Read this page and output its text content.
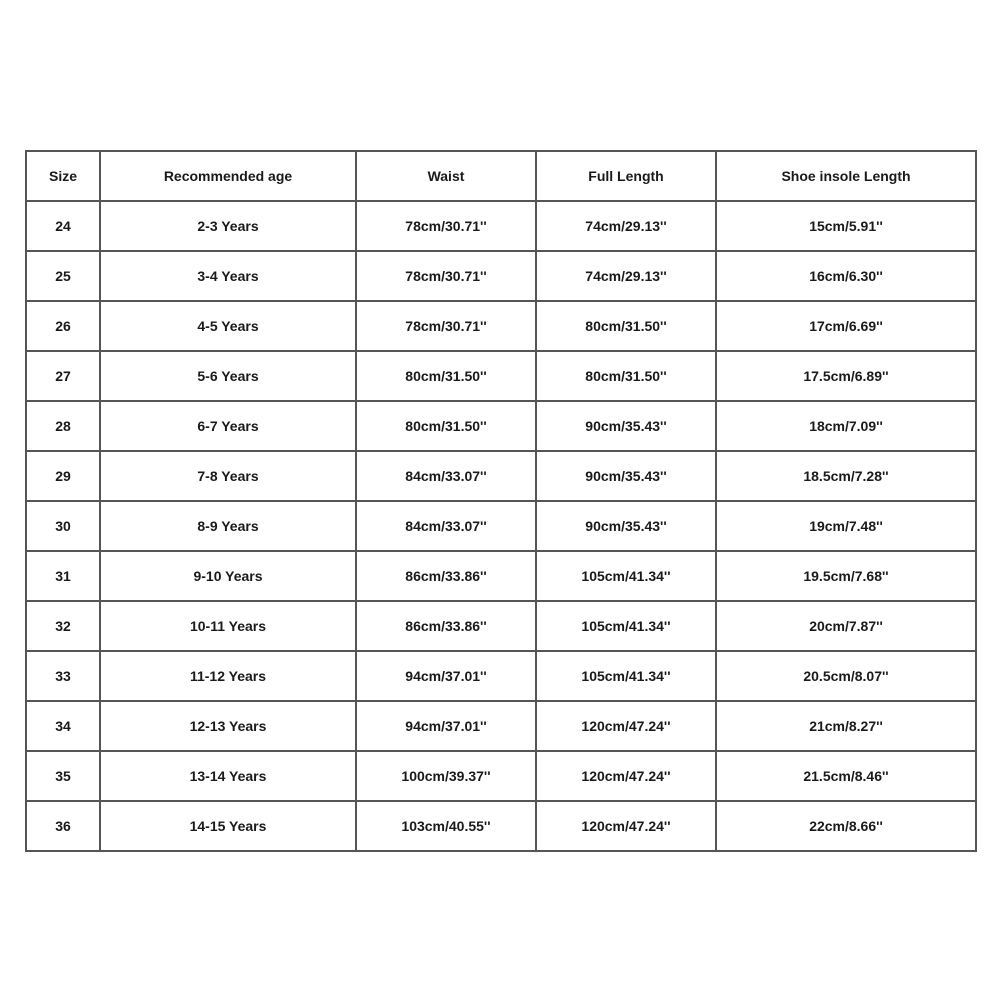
Size	Recommended age	Waist	Full Length	Shoe insole Length
24	2-3 Years	78cm/30.71''	74cm/29.13''	15cm/5.91''
25	3-4 Years	78cm/30.71''	74cm/29.13''	16cm/6.30''
26	4-5 Years	78cm/30.71''	80cm/31.50''	17cm/6.69''
27	5-6 Years	80cm/31.50''	80cm/31.50''	17.5cm/6.89''
28	6-7 Years	80cm/31.50''	90cm/35.43''	18cm/7.09''
29	7-8 Years	84cm/33.07''	90cm/35.43''	18.5cm/7.28''
30	8-9 Years	84cm/33.07''	90cm/35.43''	19cm/7.48''
31	9-10 Years	86cm/33.86''	105cm/41.34''	19.5cm/7.68''
32	10-11 Years	86cm/33.86''	105cm/41.34''	20cm/7.87''
33	11-12 Years	94cm/37.01''	105cm/41.34''	20.5cm/8.07''
34	12-13 Years	94cm/37.01''	120cm/47.24''	21cm/8.27''
35	13-14 Years	100cm/39.37''	120cm/47.24''	21.5cm/8.46''
36	14-15 Years	103cm/40.55''	120cm/47.24''	22cm/8.66''
